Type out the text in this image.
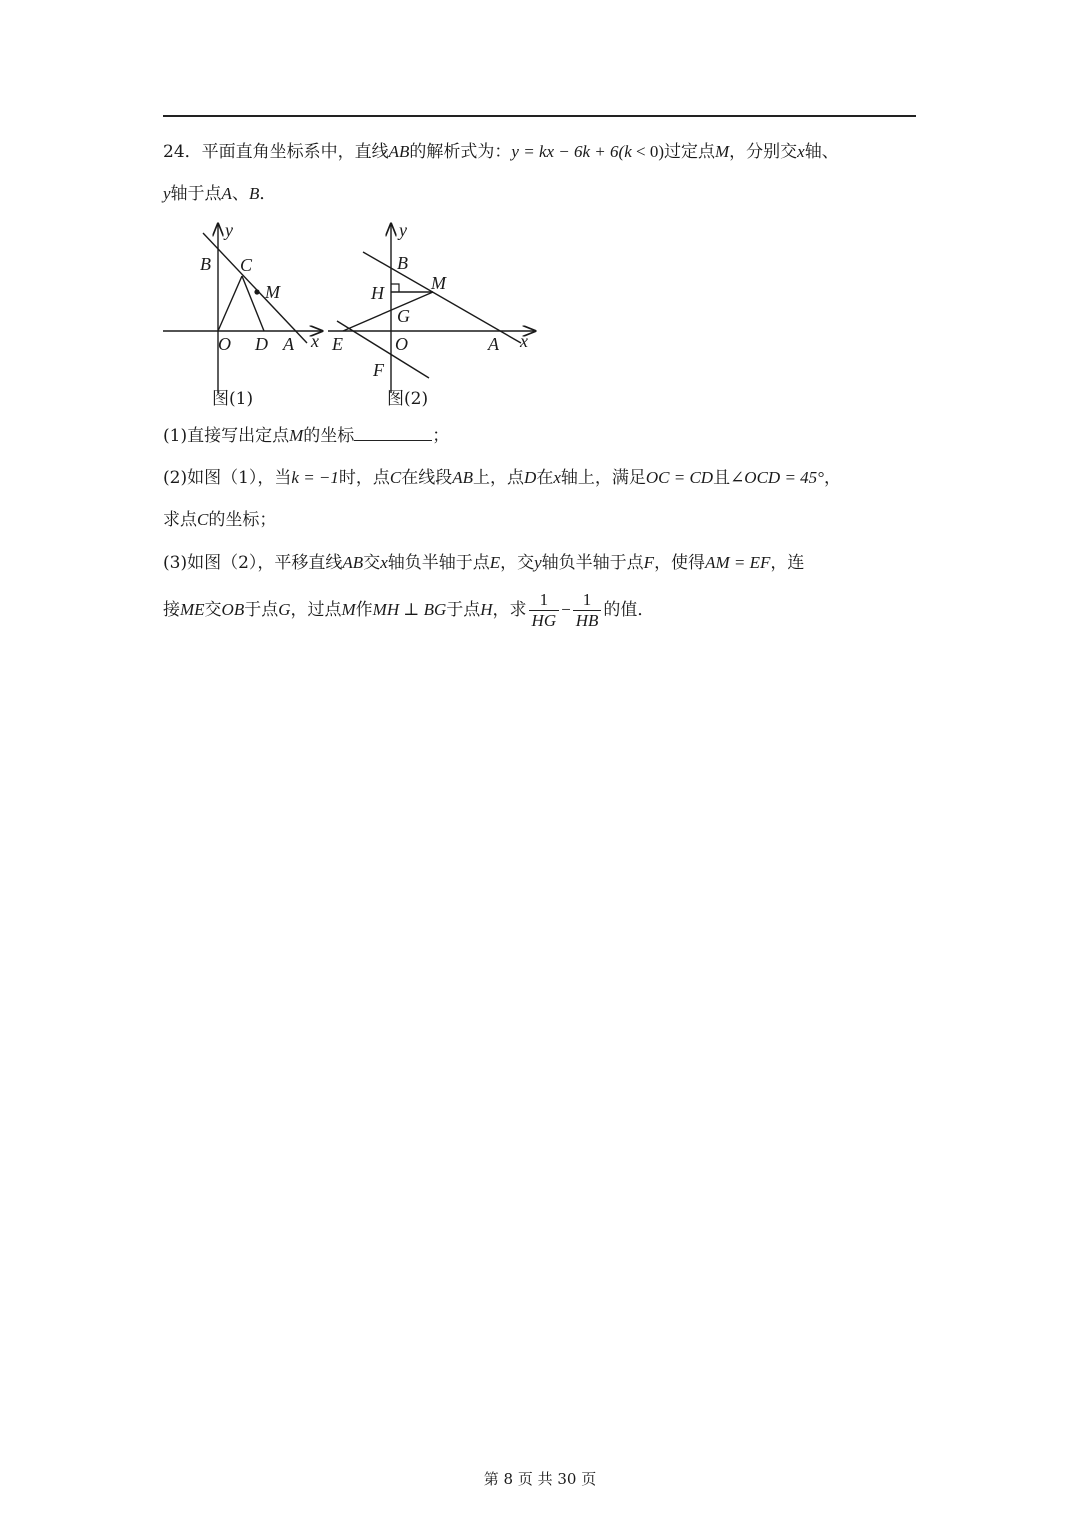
24．平面直角坐标系中，直线AB的解析式为：y = kx − 6k + 6(k < 0)过定点M，分别交x轴、
y轴于点A、B．
y
B C
M
O D A x
图(1)
y
B
M
H
G
E	O	A x
F
图(2)
(1)直接写出定点M的坐标	；
(2)如图（1），当k = −1时，点C在线段AB上，点D在x轴上，满足OC = CD且∠OCD = 45°，
求点C的坐标；
(3)如图（2），平移直线AB交x轴负半轴于点E，交y轴负半轴于点F，使得AM = EF，连
接ME交OB于点G，过点M作MH ⊥ BG于点H，求 $\frac{1}{HG} - \frac{1}{HB}$ 的值．
第 8 页 共 30 页
